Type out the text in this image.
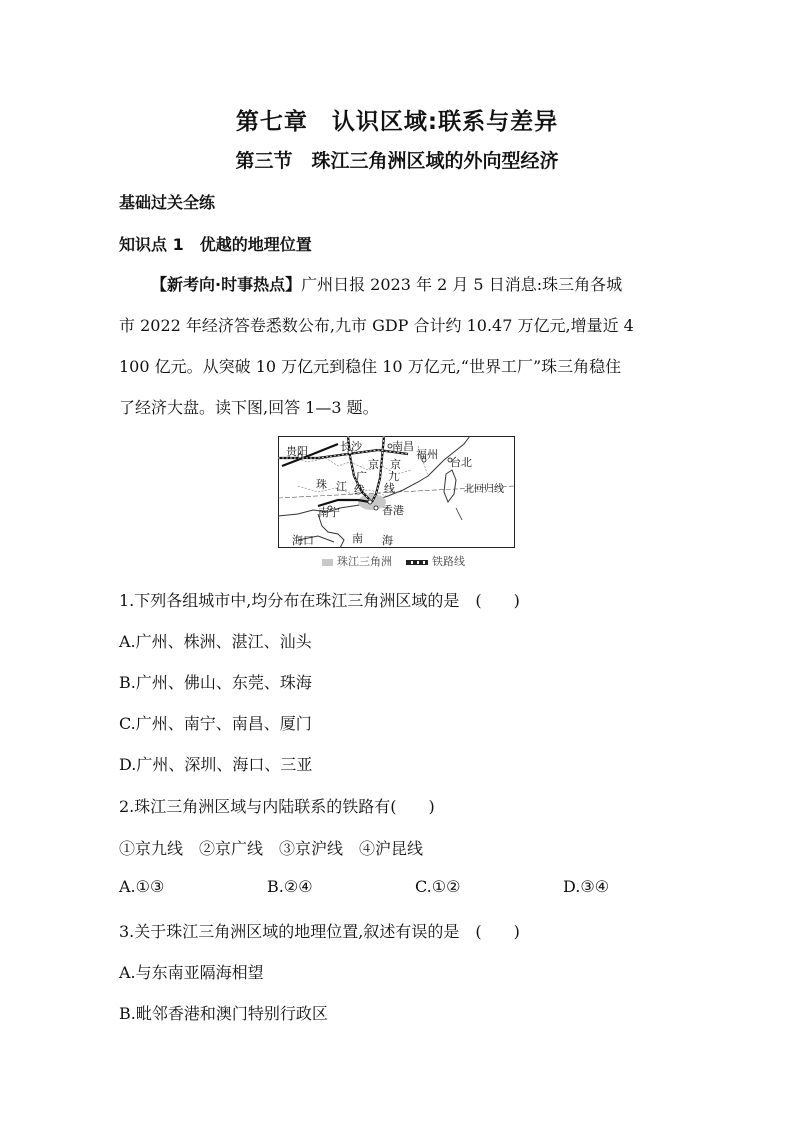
第七章　认识区域:联系与差异
第三节　珠江三角洲区域的外向型经济
基础过关全练
知识点 1　优越的地理位置
【新考向·时事热点】广州日报 2023 年 2 月 5 日消息:珠三角各城
市 2022 年经济答卷悉数公布,九市 GDP 合计约 10.47 万亿元,增量近 4
100 亿元。从突破 10 万亿元到稳住 10 万亿元,“世界工厂”珠三角稳住
了经济大盘。读下图,回答 1—3 题。
贵阳	长沙	南昌
福州
台北
京 京
广 九
珠 江 线 线
南宁	香港
海口	南 海
北回归线
珠江三角洲	铁路线
1.下列各组城市中,均分布在珠江三角洲区域的是　(　　)
A.广州、株洲、湛江、汕头
B.广州、佛山、东莞、珠海
C.广州、南宁、南昌、厦门
D.广州、深圳、海口、三亚
2.珠江三角洲区域与内陆联系的铁路有(　　)
①京九线　②京广线　③京沪线　④沪昆线
A.①③	B.②④	C.①②	D.③④
3.关于珠江三角洲区域的地理位置,叙述有误的是　(　　)
A.与东南亚隔海相望
B.毗邻香港和澳门特别行政区
